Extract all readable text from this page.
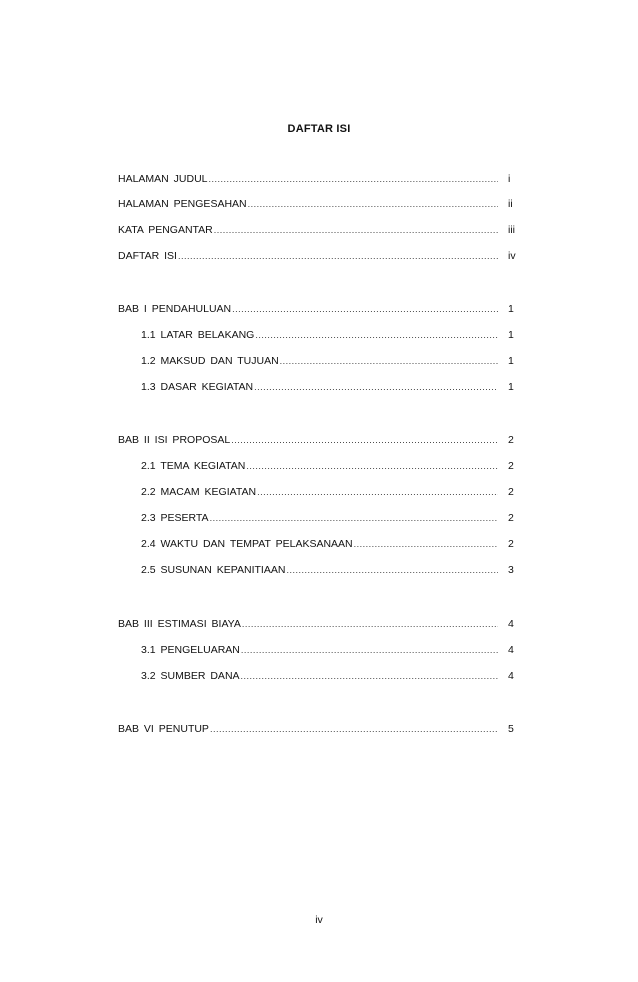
DAFTAR ISI
HALAMAN JUDUL .....	i
HALAMAN PENGESAHAN .....	ii
KATA PENGANTAR .....	iii
DAFTAR ISI .....	iv
BAB I PENDAHULUAN .....	1
1.1 LATAR BELAKANG .....	1
1.2 MAKSUD DAN TUJUAN .....	1
1.3 DASAR KEGIATAN .....	1
BAB II ISI PROPOSAL .....	2
2.1 TEMA KEGIATAN .....	2
2.2 MACAM KEGIATAN .....	2
2.3 PESERTA .....	2
2.4 WAKTU DAN TEMPAT PELAKSANAAN .....	2
2.5 SUSUNAN KEPANITIAAN .....	3
BAB III ESTIMASI BIAYA .....	4
3.1 PENGELUARAN .....	4
3.2 SUMBER DANA .....	4
BAB VI PENUTUP .....	5
iv
